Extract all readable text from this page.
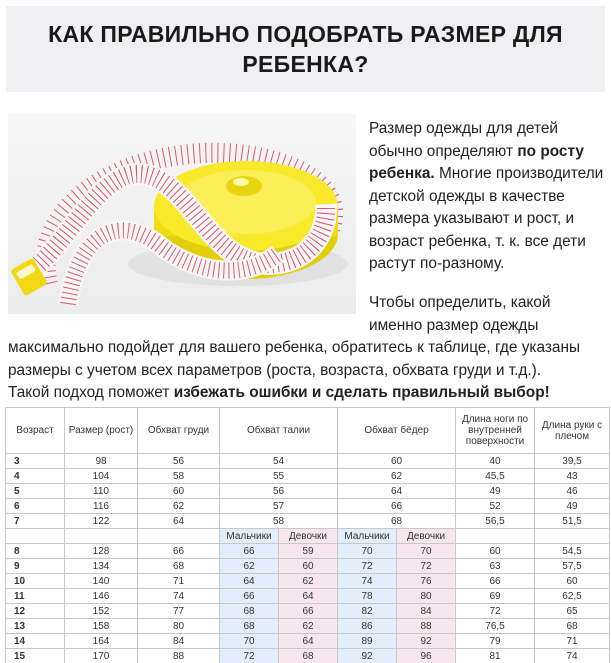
КАК ПРАВИЛЬНО ПОДОБРАТЬ РАЗМЕР ДЛЯ РЕБЕНКА?
Размер одежды для детей обычно определяют по росту ребенка. Многие производители детской одежды в качестве размера указывают и рост, и возраст ребенка, т. к. все дети растут по-разному.
Чтобы определить, какой
именно размер одежды
максимально подойдет для вашего ребенка, обратитесь к таблице, где указаны
размеры с учетом всех параметров (роста, возраста, обхвата груди и т.д.).
Такой подход поможет избежать ошибки и сделать правильный выбор!
Возраст	Размер (рост)	Обхват груди	Обхват талии		Обхват бёдер		Длина ноги по внутренней поверхности	Длина руки с плечом
3	98	56	54		60		40	39,5
4	104	58	55		62		45,5	43
5	110	60	56		64		49	46
6	116	62	57		66		52	49
7	122	64	58		68		56,5	51,5
			Мальчики	Девочки	Мальчики	Девочки		
8	128	66	66	59	70	70	60	54,5
9	134	68	62	60	72	72	63	57,5
10	140	71	64	62	74	76	66	60
11	146	74	66	64	78	80	69	62,5
12	152	77	68	66	82	84	72	65
13	158	80	68	62	86	88	76,5	68
14	164	84	70	64	89	92	79	71
15	170	88	72	68	92	96	81	74
